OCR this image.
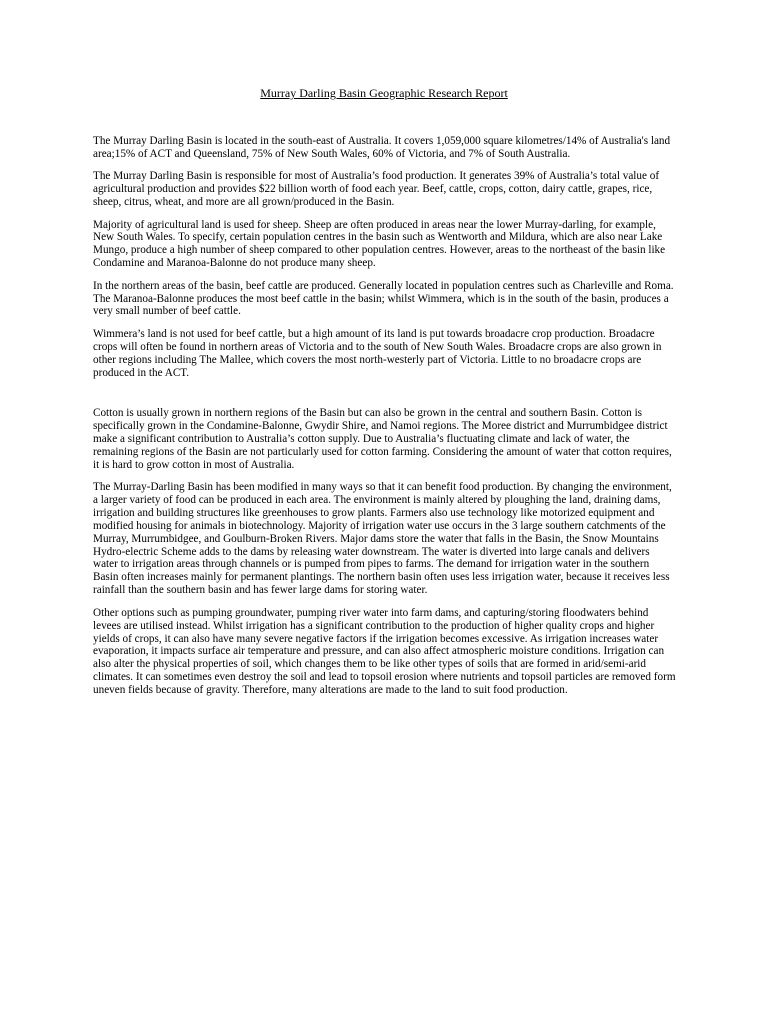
Murray Darling Basin Geographic Research Report

The Murray Darling Basin is located in the south-east of Australia. It covers 1,059,000 square kilometres/14% of Australia's land area;15% of ACT and Queensland, 75% of New South Wales, 60% of Victoria, and 7% of South Australia.

The Murray Darling Basin is responsible for most of Australia’s food production. It generates 39% of Australia’s total value of agricultural production and provides $22 billion worth of food each year. Beef, cattle, crops, cotton, dairy cattle, grapes, rice, sheep, citrus, wheat, and more are all grown/produced in the Basin.

Majority of agricultural land is used for sheep. Sheep are often produced in areas near the lower Murray-darling, for example, New South Wales. To specify, certain population centres in the basin such as Wentworth and Mildura, which are also near Lake Mungo, produce a high number of sheep compared to other population centres. However, areas to the northeast of the basin like Condamine and Maranoa-Balonne do not produce many sheep.

In the northern areas of the basin, beef cattle are produced. Generally located in population centres such as Charleville and Roma. The Maranoa-Balonne produces the most beef cattle in the basin; whilst Wimmera, which is in the south of the basin, produces a very small number of beef cattle.

Wimmera’s land is not used for beef cattle, but a high amount of its land is put towards broadacre crop production. Broadacre crops will often be found in northern areas of Victoria and to the south of New South Wales. Broadacre crops are also grown in other regions including The Mallee, which covers the most north-westerly part of Victoria. Little to no broadacre crops are produced in the ACT.

Cotton is usually grown in northern regions of the Basin but can also be grown in the central and southern Basin. Cotton is specifically grown in the Condamine-Balonne, Gwydir Shire, and Namoi regions. The Moree district and Murrumbidgee district make a significant contribution to Australia’s cotton supply. Due to Australia’s fluctuating climate and lack of water, the remaining regions of the Basin are not particularly used for cotton farming. Considering the amount of water that cotton requires, it is hard to grow cotton in most of Australia.

The Murray-Darling Basin has been modified in many ways so that it can benefit food production. By changing the environment, a larger variety of food can be produced in each area. The environment is mainly altered by ploughing the land, draining dams, irrigation and building structures like greenhouses to grow plants. Farmers also use technology like motorized equipment and modified housing for animals in biotechnology. Majority of irrigation water use occurs in the 3 large southern catchments of the Murray, Murrumbidgee, and Goulburn-Broken Rivers. Major dams store the water that falls in the Basin, the Snow Mountains Hydro-electric Scheme adds to the dams by releasing water downstream. The water is diverted into large canals and delivers water to irrigation areas through channels or is pumped from pipes to farms. The demand for irrigation water in the southern Basin often increases mainly for permanent plantings. The northern basin often uses less irrigation water, because it receives less rainfall than the southern basin and has fewer large dams for storing water.

Other options such as pumping groundwater, pumping river water into farm dams, and capturing/storing floodwaters behind levees are utilised instead. Whilst irrigation has a significant contribution to the production of higher quality crops and higher yields of crops, it can also have many severe negative factors if the irrigation becomes excessive. As irrigation increases water evaporation, it impacts surface air temperature and pressure, and can also affect atmospheric moisture conditions. Irrigation can also alter the physical properties of soil, which changes them to be like other types of soils that are formed in arid/semi-arid climates. It can sometimes even destroy the soil and lead to topsoil erosion where nutrients and topsoil particles are removed form uneven fields because of gravity. Therefore, many alterations are made to the land to suit food production.
